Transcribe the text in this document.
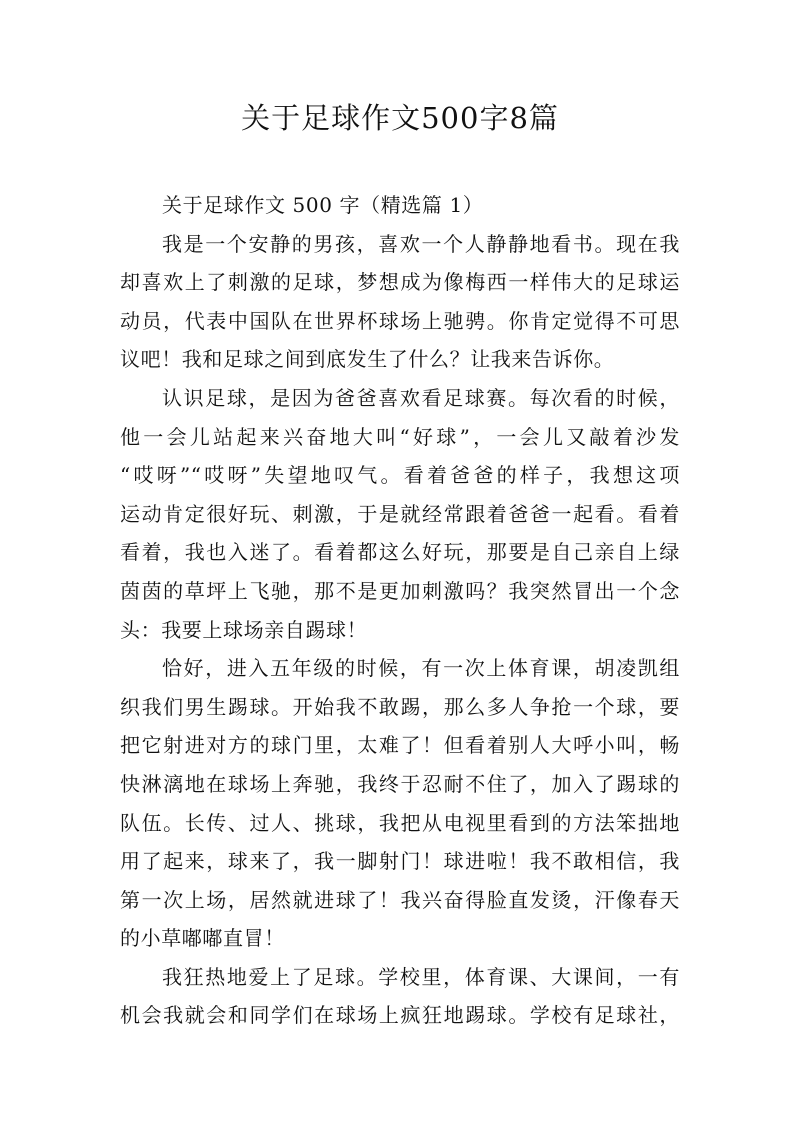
关于足球作文500字8篇
关于足球作文 500 字（精选篇 1）
我是一个安静的男孩，喜欢一个人静静地看书。现在我
却喜欢上了刺激的足球，梦想成为像梅西一样伟大的足球运
动员，代表中国队在世界杯球场上驰骋。你肯定觉得不可思
议吧！我和足球之间到底发生了什么？让我来告诉你。
认识足球，是因为爸爸喜欢看足球赛。每次看的时候，
他一会儿站起来兴奋地大叫“好球”，一会儿又敲着沙发
“哎呀”“哎呀”失望地叹气。看着爸爸的样子，我想这项
运动肯定很好玩、刺激，于是就经常跟着爸爸一起看。看着
看着，我也入迷了。看着都这么好玩，那要是自己亲自上绿
茵茵的草坪上飞驰，那不是更加刺激吗？我突然冒出一个念
头：我要上球场亲自踢球！
恰好，进入五年级的时候，有一次上体育课，胡凌凯组
织我们男生踢球。开始我不敢踢，那么多人争抢一个球，要
把它射进对方的球门里，太难了！但看着别人大呼小叫，畅
快淋漓地在球场上奔驰，我终于忍耐不住了，加入了踢球的
队伍。长传、过人、挑球，我把从电视里看到的方法笨拙地
用了起来，球来了，我一脚射门！球进啦！我不敢相信，我
第一次上场，居然就进球了！我兴奋得脸直发烫，汗像春天
的小草嘟嘟直冒！
我狂热地爱上了足球。学校里，体育课、大课间，一有
机会我就会和同学们在球场上疯狂地踢球。学校有足球社，
